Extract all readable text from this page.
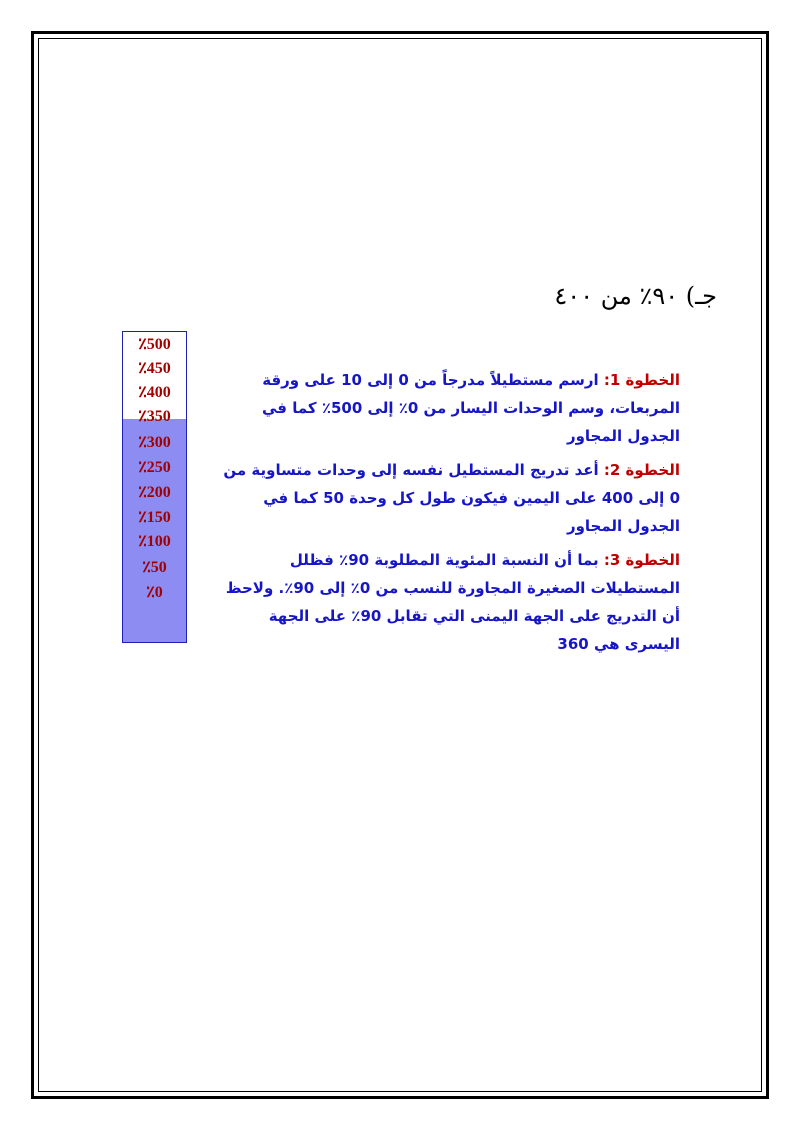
جـ) ٩٠٪ من ٤٠٠
٪500
٪450
٪400
٪350
٪300
٪250
٪200
٪150
٪100
٪50
٪0
الخطوة 1: ارسم مستطيلاً مدرجاً من 0 إلى 10 على ورقة المربعات، وسم الوحدات اليسار من 0٪ إلى 500٪ كما في الجدول المجاور
الخطوة 2: أعد تدريج المستطيل نفسه إلى وحدات متساوية من 0 إلى 400 على اليمين فيكون طول كل وحدة 50 كما في الجدول المجاور
الخطوة 3: بما أن النسبة المئوية المطلوبة 90٪ فظلل المستطيلات الصغيرة المجاورة للنسب من 0٪ إلى 90٪. ولاحظ أن التدريج على الجهة اليمنى التي تقابل 90٪ على الجهة اليسرى هي 360
